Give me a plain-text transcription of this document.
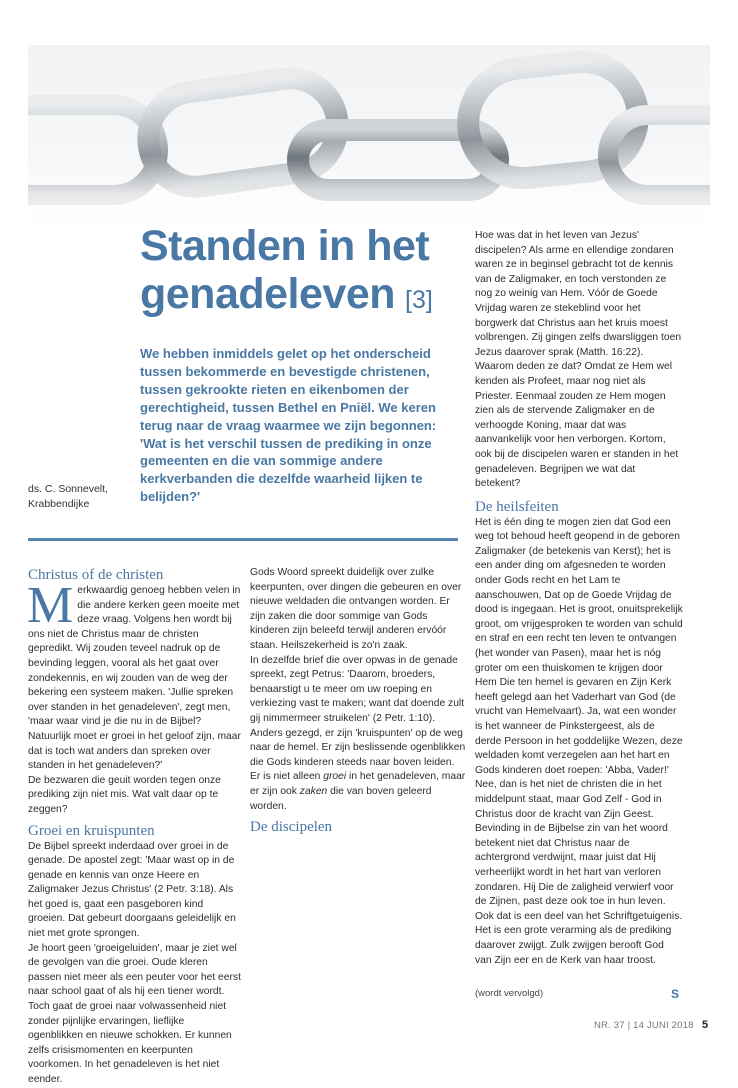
Standen in het
genadeleven [3]

We hebben inmiddels gelet op het onderscheid tussen bekommerde en bevestigde christenen, tussen gekrookte rieten en eikenbomen der gerechtigheid, tussen Bethel en Pniël. We keren terug naar de vraag waarmee we zijn begonnen: 'Wat is het verschil tussen de prediking in onze gemeenten en die van sommige andere kerkverbanden die dezelfde waarheid lijken te belijden?'

ds. C. Sonnevelt,
Krabbendijke
Christus of de christen

Merkwaardig genoeg hebben velen in die andere kerken geen moeite met deze vraag. Volgens hen wordt bij ons niet de Christus maar de christen gepredikt. Wij zouden teveel nadruk op de bevinding leggen, vooral als het gaat over zondekennis, en wij zouden van de weg der bekering een systeem maken. 'Jullie spreken over standen in het genadeleven', zegt men, 'maar waar vind je die nu in de Bijbel? Natuurlijk moet er groei in het geloof zijn, maar dat is toch wat anders dan spreken over standen in het genadeleven?'

De bezwaren die geuit worden tegen onze prediking zijn niet mis. Wat valt daar op te zeggen?

Groei en kruispunten

De Bijbel spreekt inderdaad over groei in de genade. De apostel zegt: 'Maar wast op in de genade en kennis van onze Heere en Zaligmaker Jezus Christus' (2 Petr. 3:18). Als het goed is, gaat een pasgeboren kind groeien. Dat gebeurt doorgaans geleidelijk en niet met grote sprongen.

Je hoort geen 'groeigeluiden', maar je ziet wel de gevolgen van die groei. Oude kleren passen niet meer als een peuter voor het eerst naar school gaat of als hij een tiener wordt. Toch gaat de groei naar volwassenheid niet zonder pijnlijke ervaringen, lieflijke ogenblikken en nieuwe schokken. Er kunnen zelfs crisismomenten en keerpunten voorkomen. In het genadeleven is het niet eender.

Gods Woord spreekt duidelijk over zulke keerpunten, over dingen die gebeuren en over nieuwe weldaden die ontvangen worden. Er zijn zaken die door sommige van Gods kinderen zijn beleefd terwijl anderen ervóór staan. Heilszekerheid is zo'n zaak.

In dezelfde brief die over opwas in de genade spreekt, zegt Petrus: 'Daarom, broeders, benaarstigt u te meer om uw roeping en verkiezing vast te maken; want dat doende zult gij nimmermeer struikelen' (2 Petr. 1:10). Anders gezegd, er zijn 'kruispunten' op de weg naar de hemel. Er zijn beslissende ogenblikken die Gods kinderen steeds naar boven leiden. Er is niet alleen groei in het genadeleven, maar er zijn ook zaken die van boven geleerd worden.

De discipelen

Hoe was dat in het leven van Jezus' discipelen? Als arme en ellendige zondaren waren ze in beginsel gebracht tot de kennis van de Zaligmaker, en toch verstonden ze nog zo weinig van Hem. Vóór de Goede Vrijdag waren ze stekeblind voor het borgwerk dat Christus aan het kruis moest volbrengen. Zij gingen zelfs dwarsliggen toen Jezus daarover sprak (Matth. 16:22). Waarom deden ze dat? Omdat ze Hem wel kenden als Profeet, maar nog niet als Priester. Eenmaal zouden ze Hem mogen zien als de stervende Zaligmaker en de verhoogde Koning, maar dat was aanvankelijk voor hen verborgen. Kortom, ook bij de discipelen waren er standen in het genadeleven. Begrijpen we wat dat betekent?

De heilsfeiten

Het is één ding te mogen zien dat God een weg tot behoud heeft geopend in de geboren Zaligmaker (de betekenis van Kerst); het is een ander ding om afgesneden te worden onder Gods recht en het Lam te aanschouwen, Dat op de Goede Vrijdag de dood is ingegaan. Het is groot, onuitsprekelijk groot, om vrijgesproken te worden van schuld en straf en een recht ten leven te ontvangen (het wonder van Pasen), maar het is nóg groter om een thuiskomen te krijgen door Hem Die ten hemel is gevaren en Zijn Kerk heeft gelegd aan het Vaderhart van God (de vrucht van Hemelvaart). Ja, wat een wonder is het wanneer de Pinkstergeest, als de derde Persoon in het goddelijke Wezen, deze weldaden komt verzegelen aan het hart en Gods kinderen doet roepen: 'Abba, Vader!'

Nee, dan is het niet de christen die in het middelpunt staat, maar God Zelf - God in Christus door de kracht van Zijn Geest. Bevinding in de Bijbelse zin van het woord betekent niet dat Christus naar de achtergrond verdwijnt, maar juist dat Hij verheerlijkt wordt in het hart van verloren zondaren. Hij Die de zaligheid verwierf voor de Zijnen, past deze ook toe in hun leven. Ook dat is een deel van het Schriftgetuigenis. Het is een grote verarming als de prediking daarover zwijgt. Zulk zwijgen berooft God van Zijn eer en de Kerk van haar troost.

(wordt vervolgd)	S
NR. 37 | 14 JUNI 2018 5
